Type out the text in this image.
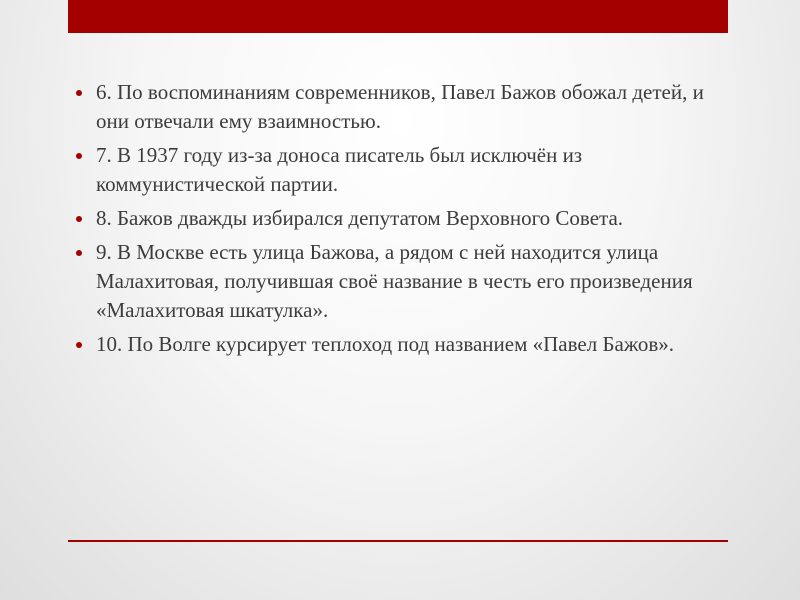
6. По воспоминаниям современников, Павел Бажов обожал детей, и они отвечали ему взаимностью.
7. В 1937 году из-за доноса писатель был исключён из коммунистической партии.
8. Бажов дважды избирался депутатом Верховного Совета.
9. В Москве есть улица Бажова, а рядом с ней находится улица Малахитовая, получившая своё название в честь его произведения «Малахитовая шкатулка».
10. По Волге курсирует теплоход под названием «Павел Бажов».
